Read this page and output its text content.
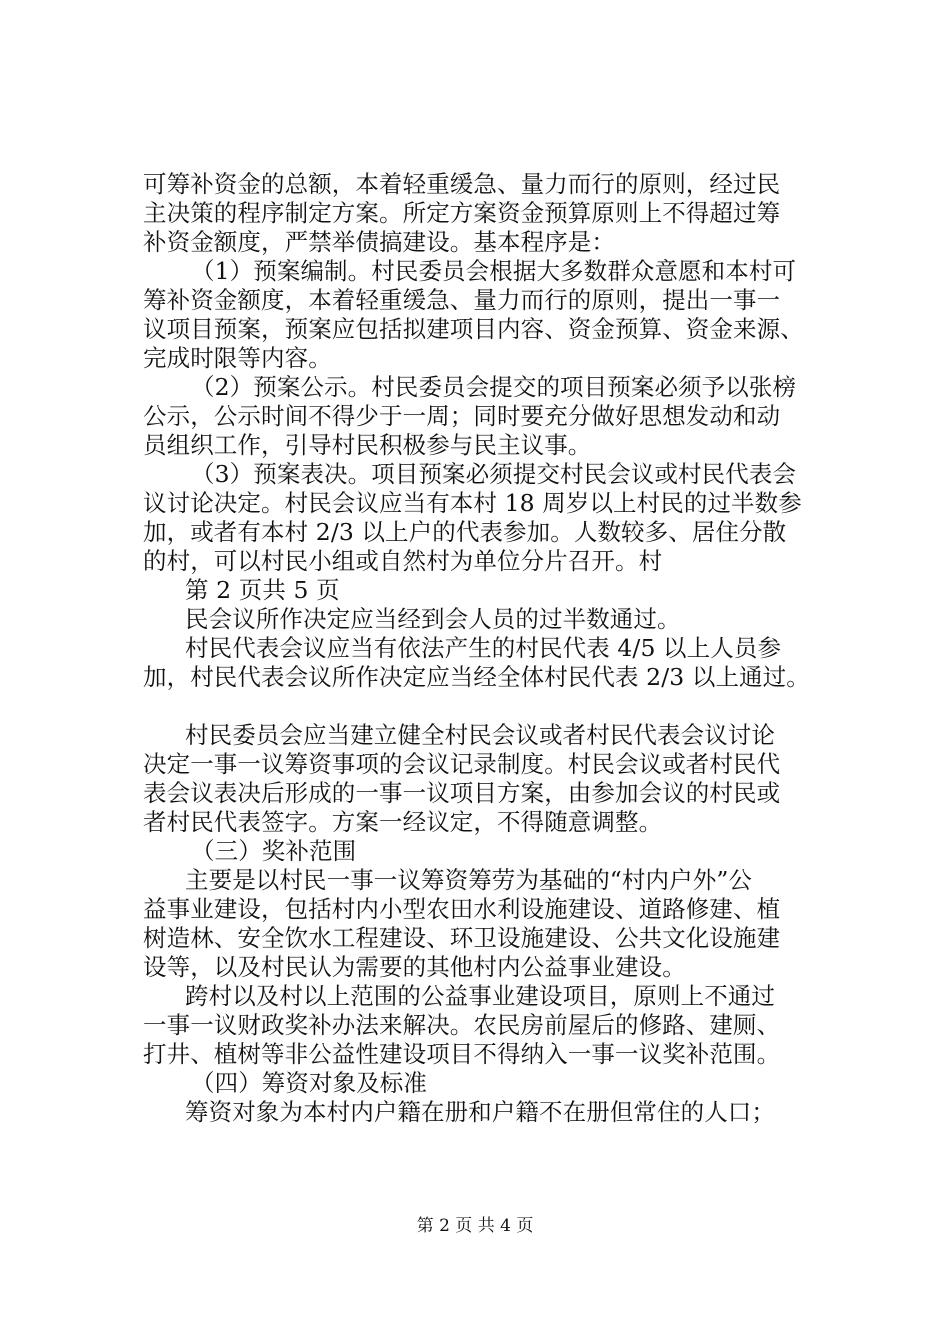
可筹补资金的总额，本着轻重缓急、量力而行的原则，经过民
主决策的程序制定方案。所定方案资金预算原则上不得超过筹
补资金额度，严禁举债搞建设。基本程序是：
（1）预案编制。村民委员会根据大多数群众意愿和本村可
筹补资金额度，本着轻重缓急、量力而行的原则，提出一事一
议项目预案，预案应包括拟建项目内容、资金预算、资金来源、
完成时限等内容。
（2）预案公示。村民委员会提交的项目预案必须予以张榜
公示，公示时间不得少于一周；同时要充分做好思想发动和动
员组织工作，引导村民积极参与民主议事。
（3）预案表决。项目预案必须提交村民会议或村民代表会
议讨论决定。村民会议应当有本村 18 周岁以上村民的过半数参
加，或者有本村 2/3 以上户的代表参加。人数较多、居住分散
的村，可以村民小组或自然村为单位分片召开。村
第 2 页共 5 页
民会议所作决定应当经到会人员的过半数通过。
村民代表会议应当有依法产生的村民代表 4/5 以上人员参
加，村民代表会议所作决定应当经全体村民代表 2/3 以上通过。
村民委员会应当建立健全村民会议或者村民代表会议讨论
决定一事一议筹资事项的会议记录制度。村民会议或者村民代
表会议表决后形成的一事一议项目方案，由参加会议的村民或
者村民代表签字。方案一经议定，不得随意调整。
（三）奖补范围
主要是以村民一事一议筹资筹劳为基础的“村内户外”公
益事业建设，包括村内小型农田水利设施建设、道路修建、植
树造林、安全饮水工程建设、环卫设施建设、公共文化设施建
设等，以及村民认为需要的其他村内公益事业建设。
跨村以及村以上范围的公益事业建设项目，原则上不通过
一事一议财政奖补办法来解决。农民房前屋后的修路、建厕、
打井、植树等非公益性建设项目不得纳入一事一议奖补范围。
（四）筹资对象及标准
筹资对象为本村内户籍在册和户籍不在册但常住的人口；
第 2 页 共 4 页
